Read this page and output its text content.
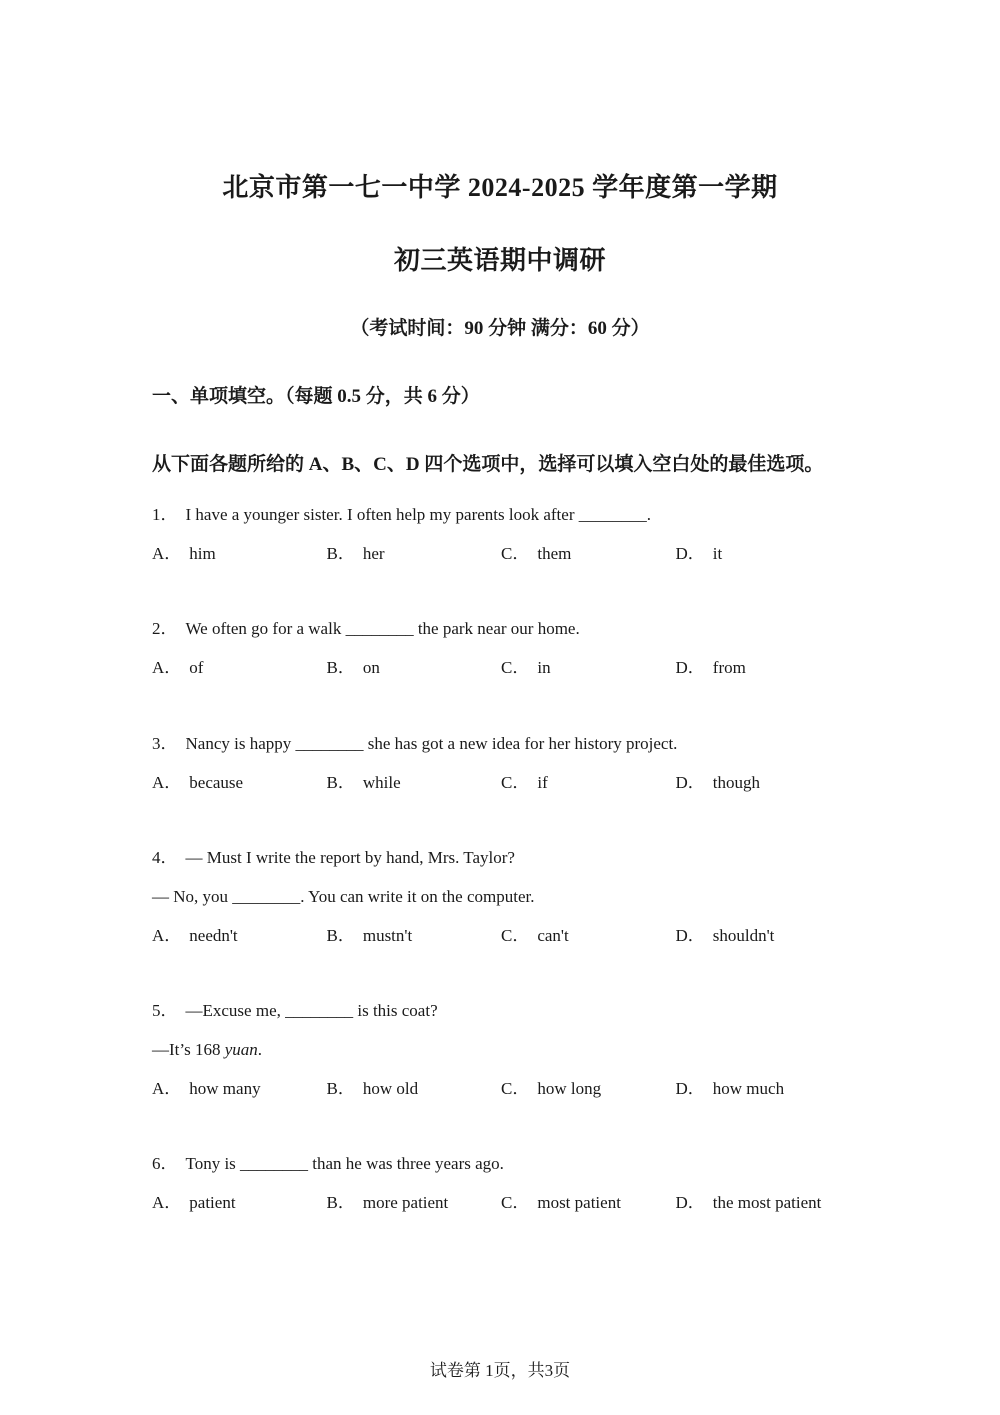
北京市第一七一中学 2024-2025 学年度第一学期
初三英语期中调研
（考试时间：90 分钟 满分：60 分）
一、单项填空。（每题 0.5 分，共 6 分）
从下面各题所给的 A、B、C、D 四个选项中，选择可以填入空白处的最佳选项。
1． I have a younger sister. I often help my parents look after ________.
A． him	B． her	C． them	D． it
2． We often go for a walk ________ the park near our home.
A． of	B． on	C． in	D． from
3． Nancy is happy ________ she has got a new idea for her history project.
A． because	B． while	C． if	D． though
4． — Must I write the report by hand, Mrs. Taylor?
— No, you ________. You can write it on the computer.
A． needn't	B． mustn't	C． can't	D． shouldn't
5． —Excuse me, ________ is this coat?
—It’s 168 yuan.
A． how many	B． how old	C． how long	D． how much
6． Tony is ________ than he was three years ago.
A． patient	B． more patient	C． most patient	D． the most patient
试卷第 1页，共3页
